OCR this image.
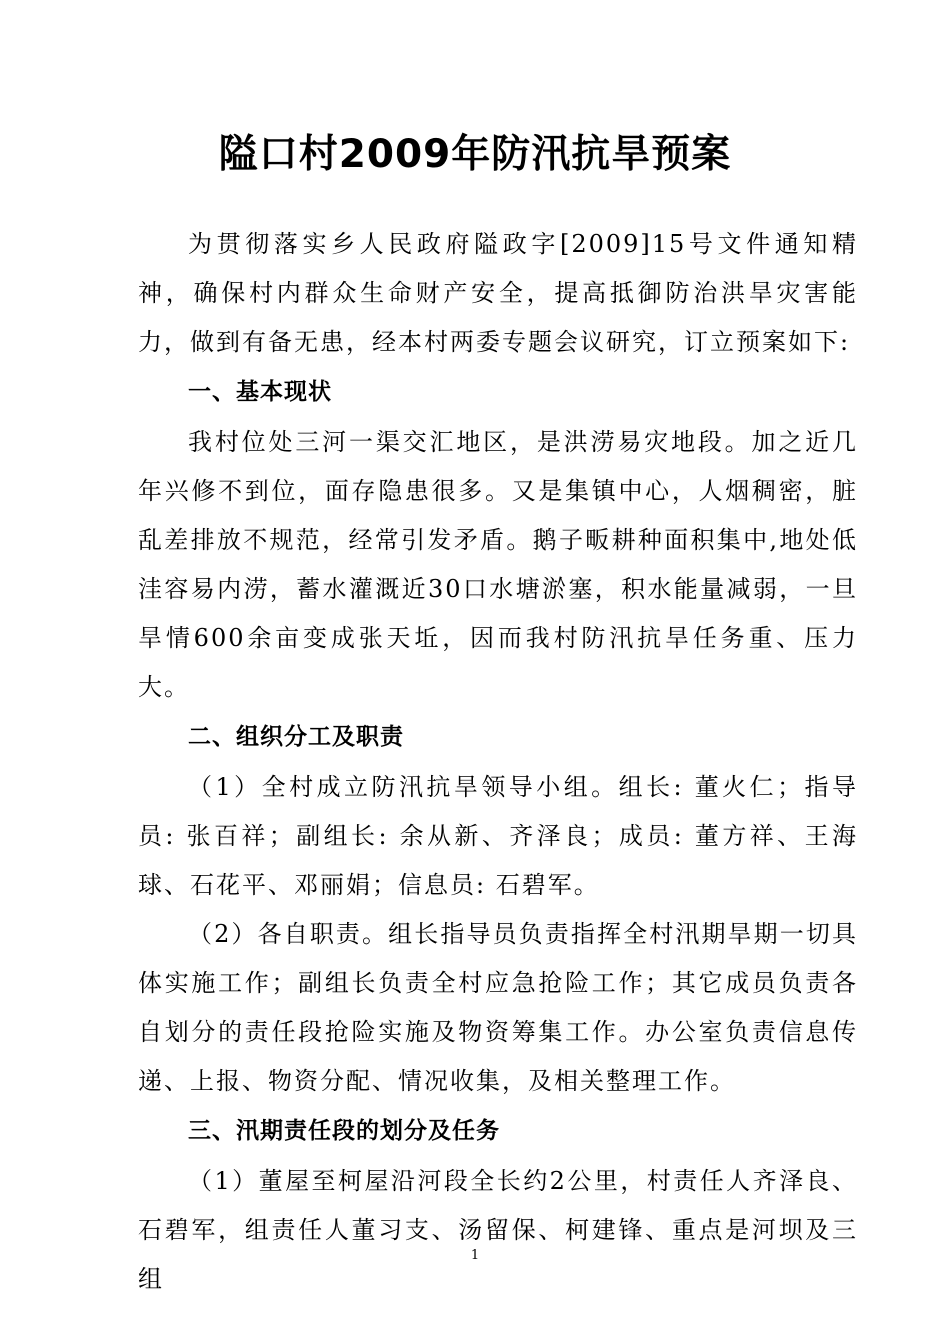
隘口村2009年防汛抗旱预案

为贯彻落实乡人民政府隘政字[2009]15号文件通知精神，确保村内群众生命财产安全，提高抵御防治洪旱灾害能力，做到有备无患，经本村两委专题会议研究，订立预案如下:

一、基本现状

我村位处三河一渠交汇地区，是洪涝易灾地段。加之近几年兴修不到位，面存隐患很多。又是集镇中心，人烟稠密，脏乱差排放不规范，经常引发矛盾。鹅子畈耕种面积集中,地处低洼容易内涝，蓄水灌溉近30口水塘淤塞，积水能量减弱，一旦旱情600余亩变成张天坵，因而我村防汛抗旱任务重、压力大。

二、组织分工及职责

（1）全村成立防汛抗旱领导小组。组长: 董火仁；指导员: 张百祥；副组长: 余从新、齐泽良；成员: 董方祥、王海球、石花平、邓丽娟；信息员: 石碧军。

（2）各自职责。组长指导员负责指挥全村汛期旱期一切具体实施工作；副组长负责全村应急抢险工作；其它成员负责各自划分的责任段抢险实施及物资筹集工作。办公室负责信息传递、上报、物资分配、情况收集，及相关整理工作。

三、汛期责任段的划分及任务

（1）董屋至柯屋沿河段全长约2公里，村责任人齐泽良、石碧军，组责任人董习支、汤留保、柯建锋、重点是河坝及三组

1
